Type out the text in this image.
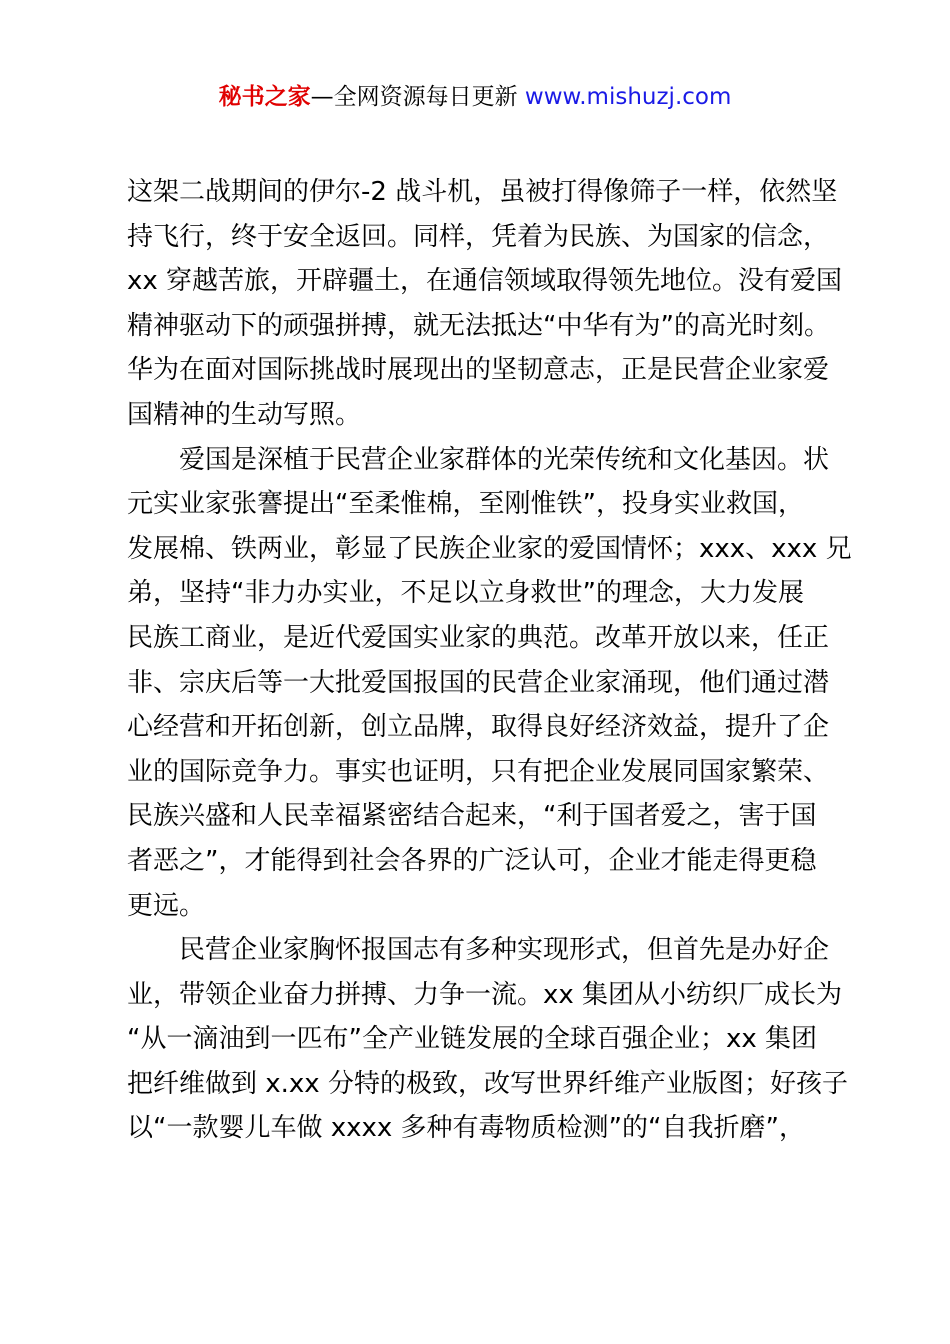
秘书之家—全网资源每日更新 www.mishuzj.com
这架二战期间的伊尔-2 战斗机，虽被打得像筛子一样，依然坚
持飞行，终于安全返回。同样，凭着为民族、为国家的信念，
xx 穿越苦旅，开辟疆土，在通信领域取得领先地位。没有爱国
精神驱动下的顽强拼搏，就无法抵达“中华有为”的高光时刻。
华为在面对国际挑战时展现出的坚韧意志，正是民营企业家爱
国精神的生动写照。
爱国是深植于民营企业家群体的光荣传统和文化基因。状
元实业家张謇提出“至柔惟棉，至刚惟铁”，投身实业救国，
发展棉、铁两业，彰显了民族企业家的爱国情怀；xxx、xxx 兄
弟，坚持“非力办实业，不足以立身救世”的理念，大力发展
民族工商业，是近代爱国实业家的典范。改革开放以来，任正
非、宗庆后等一大批爱国报国的民营企业家涌现，他们通过潜
心经营和开拓创新，创立品牌，取得良好经济效益，提升了企
业的国际竞争力。事实也证明，只有把企业发展同国家繁荣、
民族兴盛和人民幸福紧密结合起来，“利于国者爱之，害于国
者恶之”，才能得到社会各界的广泛认可，企业才能走得更稳
更远。
民营企业家胸怀报国志有多种实现形式，但首先是办好企
业，带领企业奋力拼搏、力争一流。xx 集团从小纺织厂成长为
“从一滴油到一匹布”全产业链发展的全球百强企业；xx 集团
把纤维做到 x.xx 分特的极致，改写世界纤维产业版图；好孩子
以“一款婴儿车做 xxxx 多种有毒物质检测”的“自我折磨”，
